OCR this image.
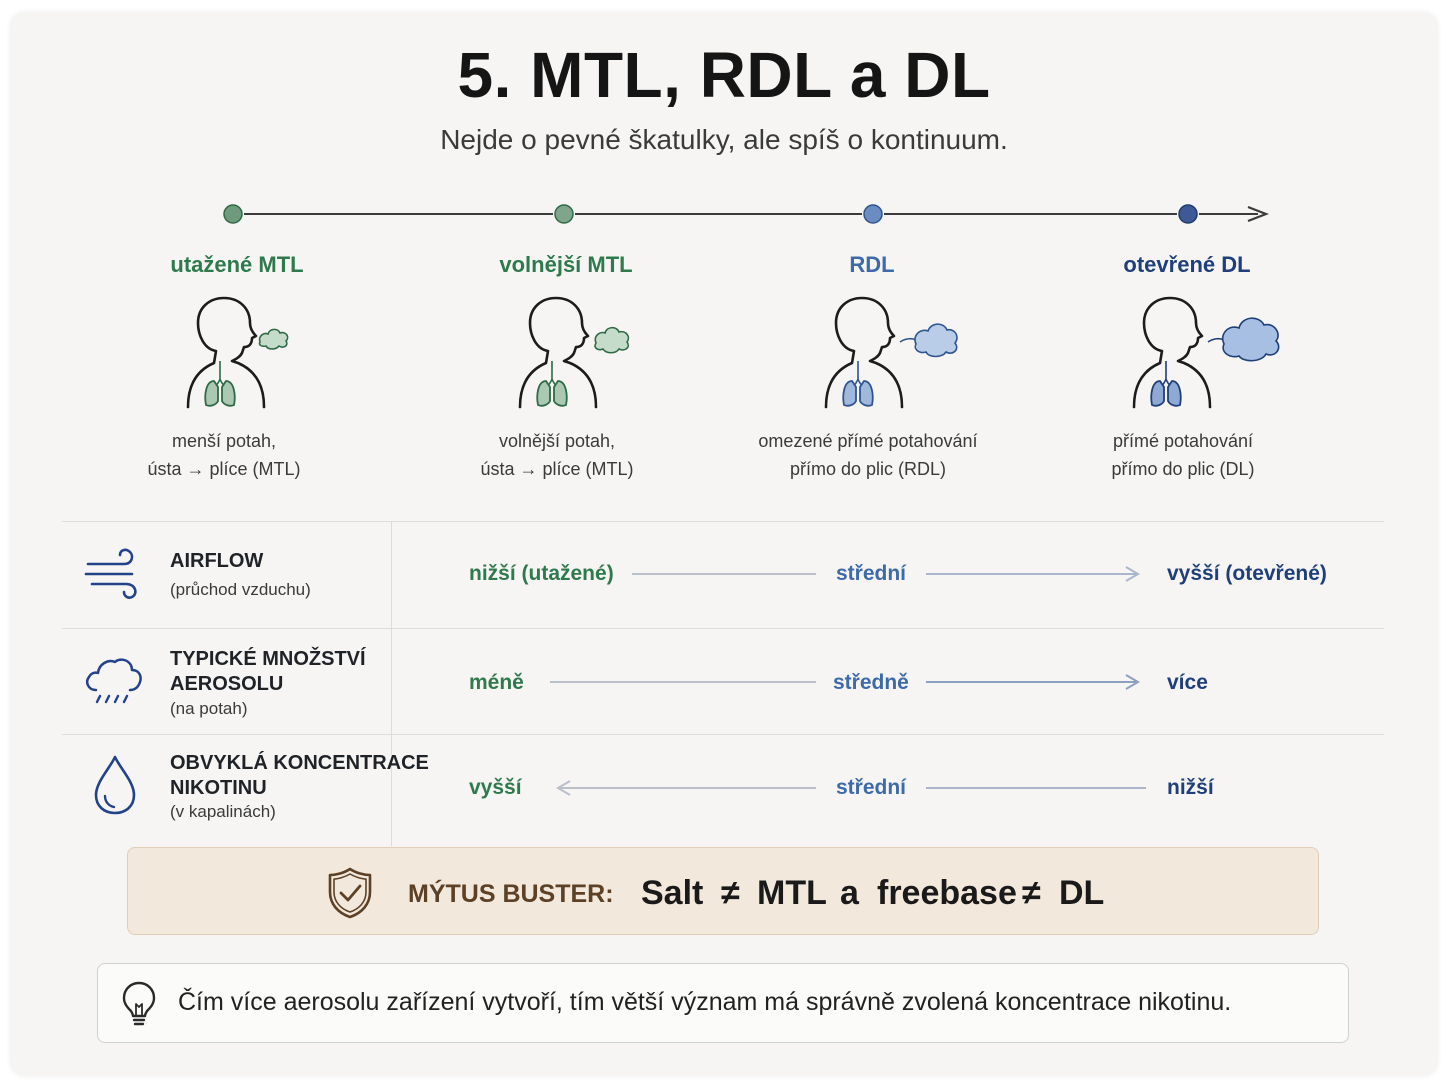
5. MTL, RDL a DL
Nejde o pevné škatulky, ale spíš o kontinuum.
utažené MTL	volnější MTL	RDL	otevřené DL
menší potah,
ústa → plíce (MTL)
volnější potah,
ústa → plíce (MTL)
omezené přímé potahování
přímo do plic (RDL)
přímé potahování
přímo do plic (DL)
AIRFLOW
(průchod vzduchu)
nižší (utažené)	střední	vyšší (otevřené)
TYPICKÉ MNOŽSTVÍ
AEROSOLU
(na potah)
méně	středně	více
OBVYKLÁ KONCENTRACE
NIKOTINU
(v kapalinách)
vyšší	střední	nižší
MÝTUS BUSTER: Salt ≠ MTL a freebase ≠ DL
Čím více aerosolu zařízení vytvoří, tím větší význam má správně zvolená koncentrace nikotinu.
